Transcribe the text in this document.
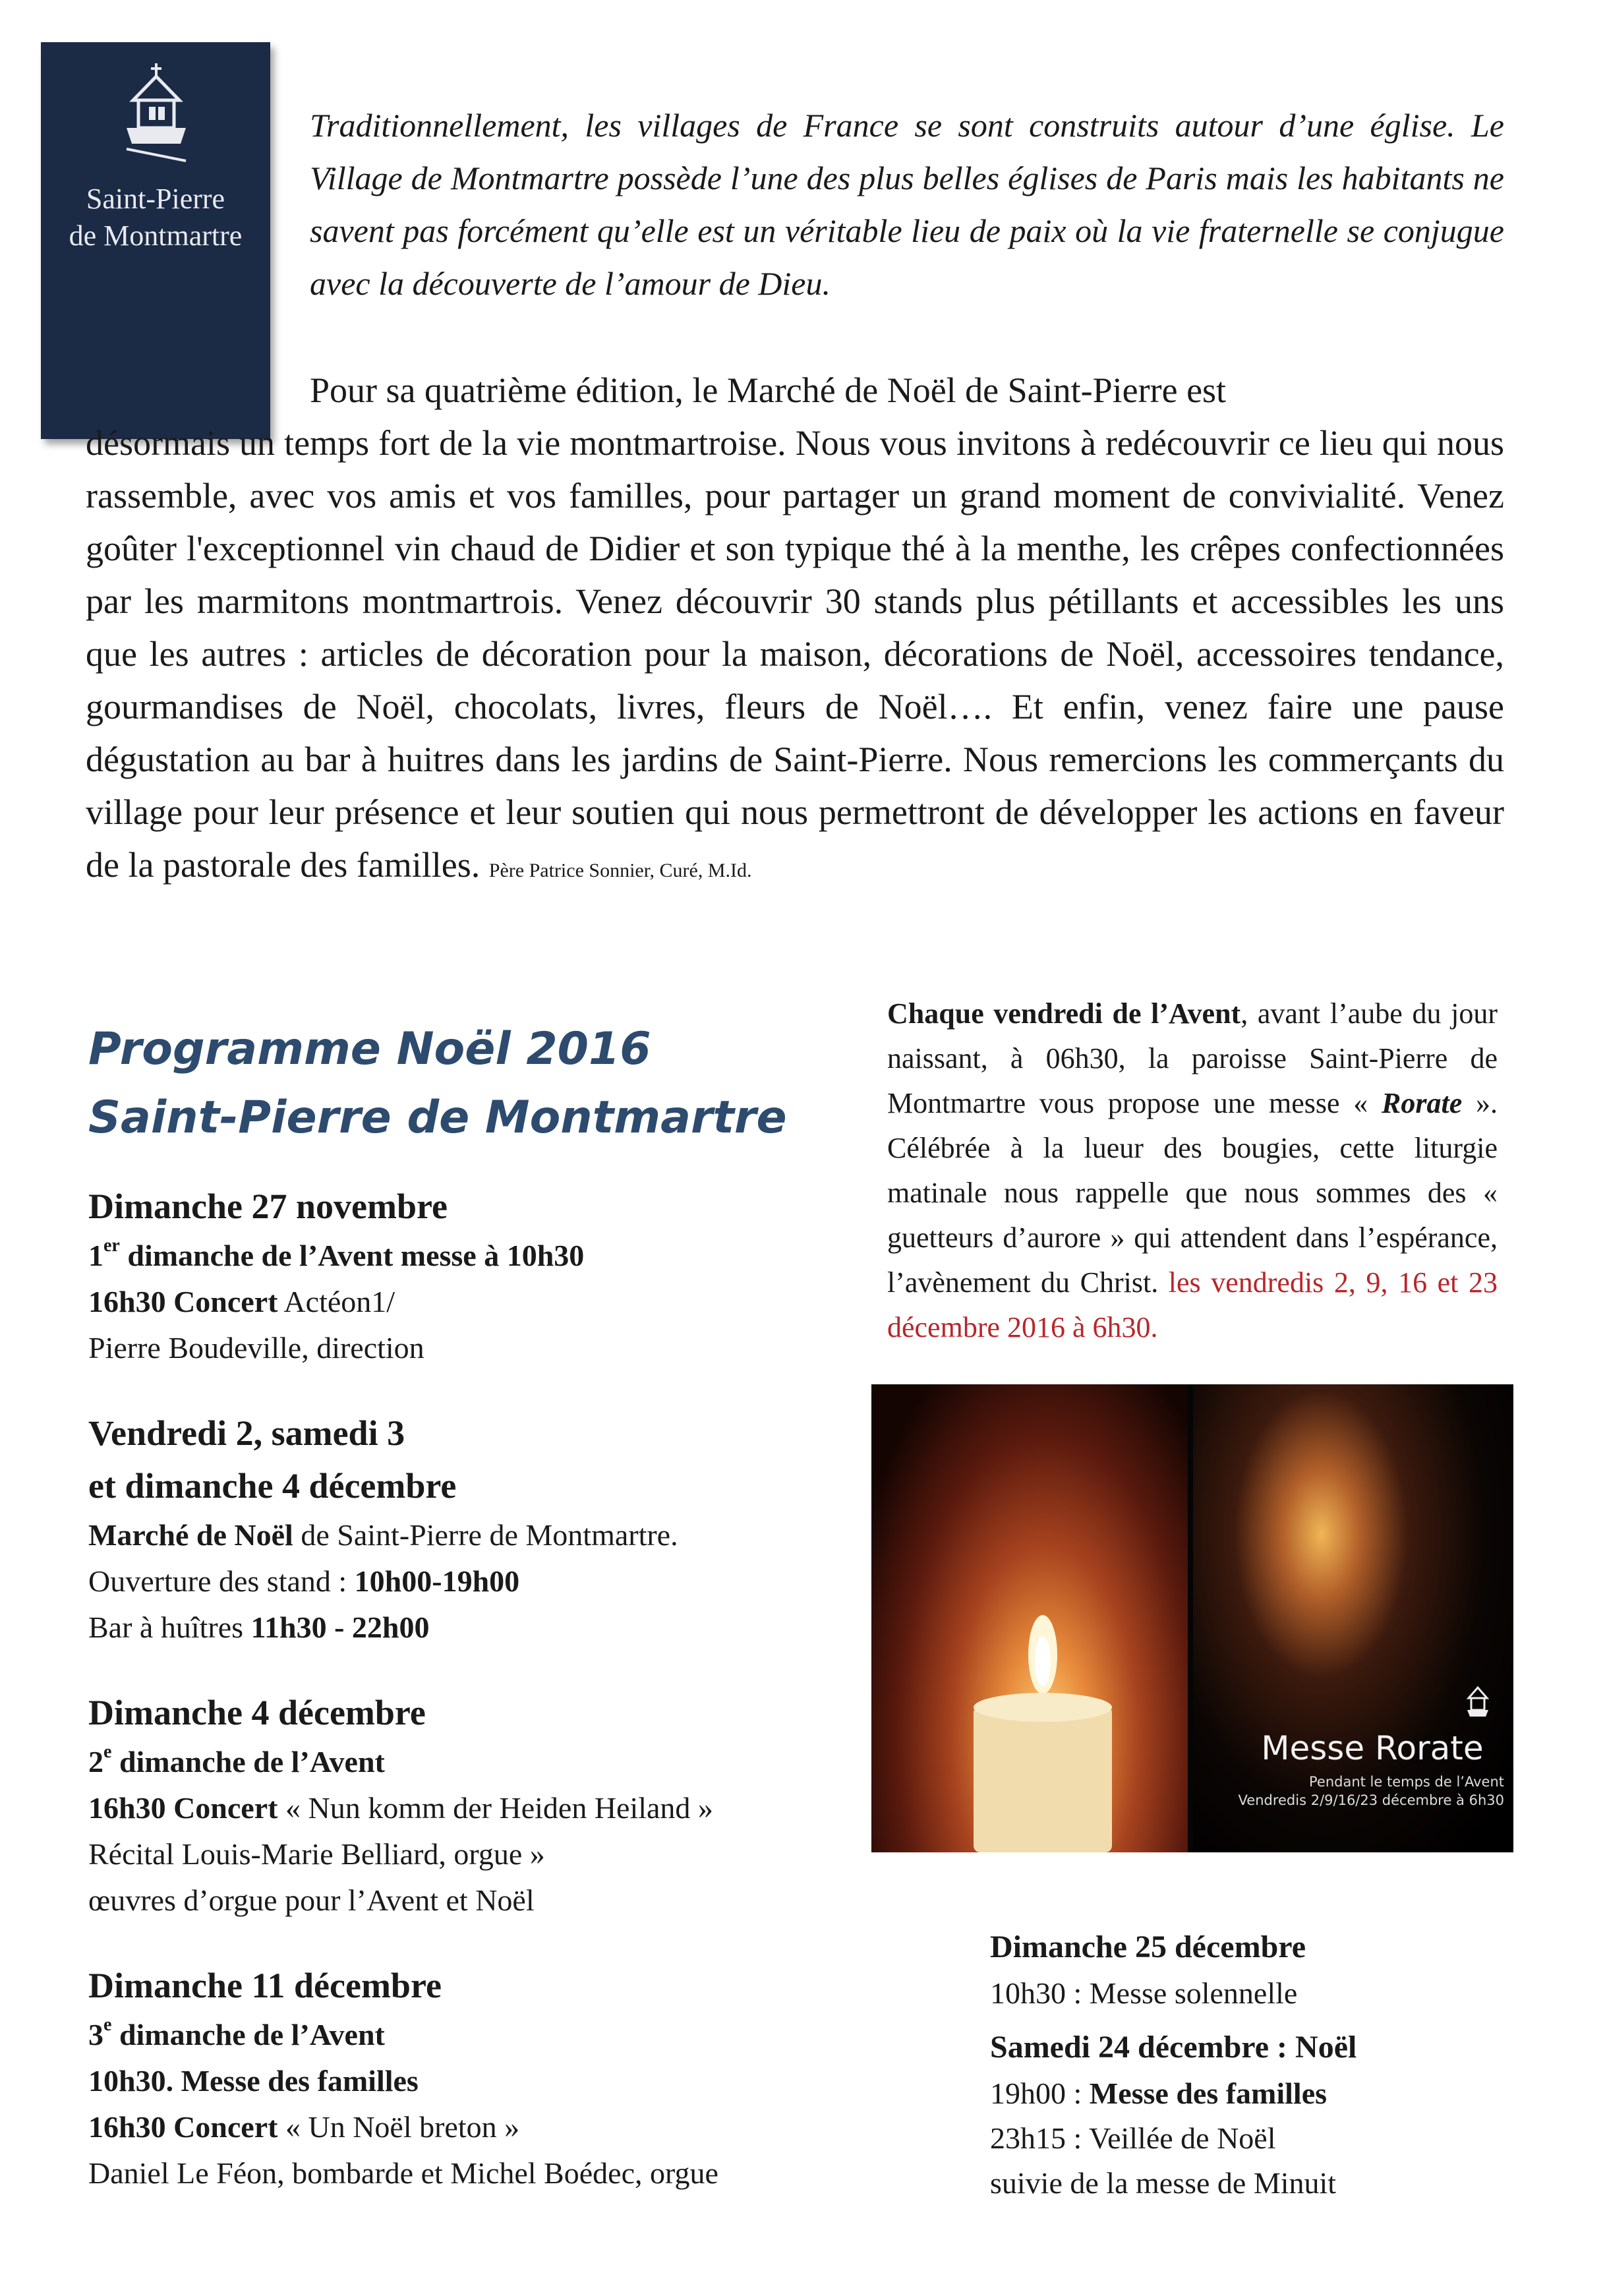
Saint-Pierre
de Montmartre
Traditionnellement, les villages de France se sont construits autour d’une église. Le Village de Montmartre possède l’une des plus belles églises de Paris mais les habitants ne savent pas forcément qu’elle est un véritable lieu de paix où la vie fraternelle se conjugue avec la découverte de l’amour de Dieu.
Pour sa quatrième édition, le Marché de Noël de Saint-Pierre est
désormais un temps fort de la vie montmartroise. Nous vous invitons à redécouvrir ce lieu qui nous rassemble, avec vos amis et vos familles, pour partager un grand moment de convivialité. Venez goûter l'exceptionnel vin chaud de Didier et son typique thé à la menthe, les crêpes confectionnées par les marmitons montmartrois. Venez découvrir 30 stands plus pétillants et accessibles les uns que les autres : articles de décoration pour la maison, décorations de Noël, accessoires tendance, gourmandises de Noël, chocolats, livres, fleurs de Noël…. Et enfin, venez faire une pause dégustation au bar à huitres dans les jardins de Saint-Pierre. Nous remercions les commerçants du village pour leur présence et leur soutien qui nous permettront de développer les actions en faveur de la pastorale des familles. Père Patrice Sonnier, Curé, M.Id.
Programme Noël 2016
Saint-Pierre de Montmartre
Dimanche 27 novembre
1er dimanche de l’Avent messe à 10h30
16h30 Concert Actéon1/
Pierre Boudeville, direction
Vendredi 2, samedi 3
et dimanche 4 décembre
Marché de Noël de Saint-Pierre de Montmartre.
Ouverture des stand : 10h00-19h00
Bar à huîtres 11h30 - 22h00
Dimanche 4 décembre
2e dimanche de l’Avent
16h30 Concert « Nun komm der Heiden Heiland »
Récital Louis-Marie Belliard, orgue »
œuvres d’orgue pour l’Avent et Noël
Dimanche 11 décembre
3e dimanche de l’Avent
10h30. Messe des familles
16h30 Concert « Un Noël breton »
Daniel Le Féon, bombarde et Michel Boédec, orgue
Chaque vendredi de l’Avent, avant l’aube du jour naissant, à 06h30, la paroisse Saint-Pierre de Montmartre vous propose une messe « Rorate ». Célébrée à la lueur des bougies, cette liturgie matinale nous rappelle que nous sommes des « guetteurs d’aurore » qui attendent dans l’espérance, l’avènement du Christ. les vendredis 2, 9, 16 et 23 décembre 2016 à 6h30.
Messe Rorate
Pendant le temps de l’Avent
Vendredis 2/9/16/23 décembre à 6h30
Dimanche 25 décembre
10h30 : Messe solennelle
Samedi 24 décembre : Noël
19h00 : Messe des familles
23h15 : Veillée de Noël
suivie de la messe de Minuit
